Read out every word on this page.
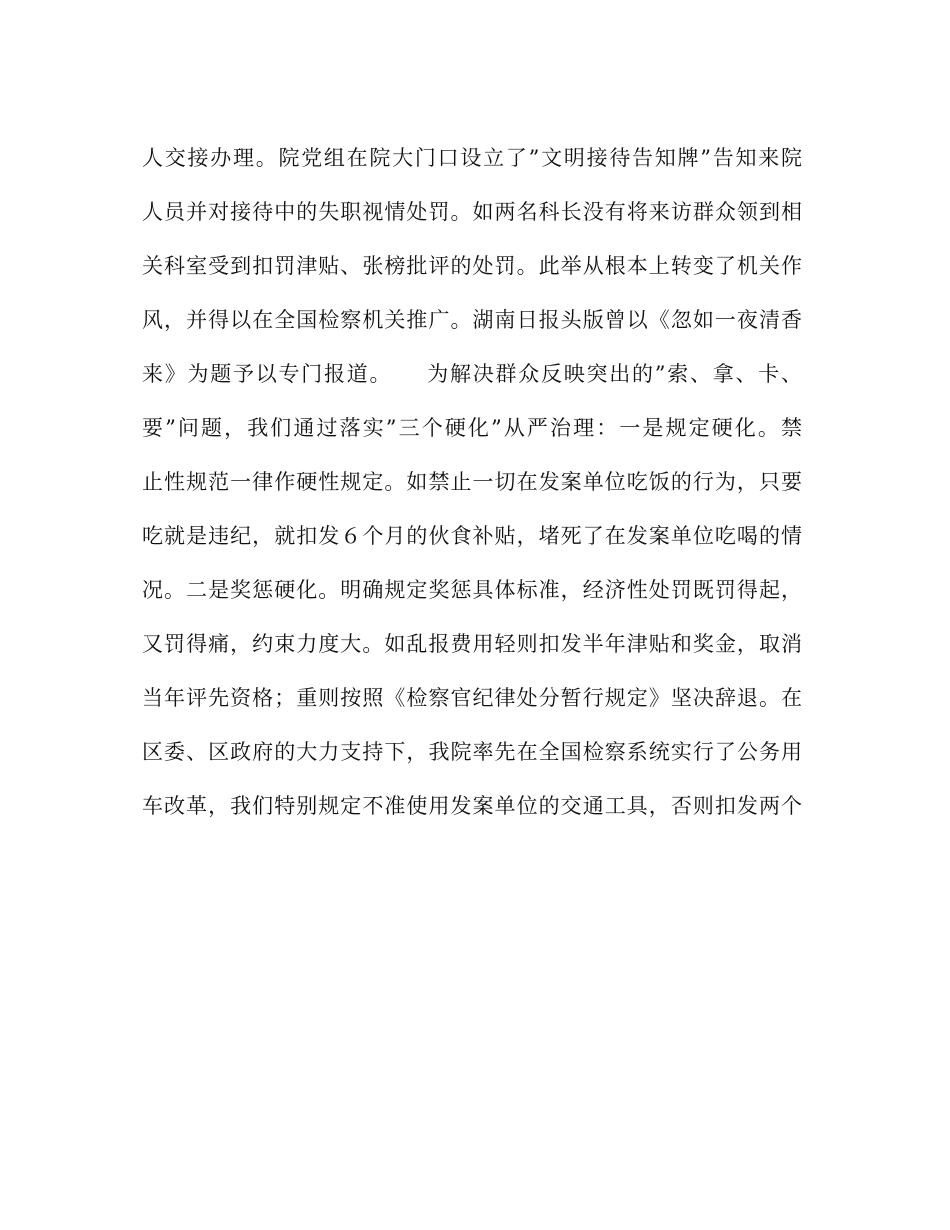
人交接办理。院党组在院大门口设立了”文明接待告知牌”告知来院
人员并对接待中的失职视情处罚。如两名科长没有将来访群众领到相
关科室受到扣罚津贴、张榜批评的处罚。此举从根本上转变了机关作
风，并得以在全国检察机关推广。湖南日报头版曾以《忽如一夜清香
来》为题予以专门报道。　　为解决群众反映突出的”索、拿、卡、
要”问题，我们通过落实”三个硬化”从严治理：一是规定硬化。禁
止性规范一律作硬性规定。如禁止一切在发案单位吃饭的行为，只要
吃就是违纪，就扣发６个月的伙食补贴，堵死了在发案单位吃喝的情
况。二是奖惩硬化。明确规定奖惩具体标准，经济性处罚既罚得起，
又罚得痛，约束力度大。如乱报费用轻则扣发半年津贴和奖金，取消
当年评先资格；重则按照《检察官纪律处分暂行规定》坚决辞退。在
区委、区政府的大力支持下，我院率先在全国检察系统实行了公务用
车改革，我们特别规定不准使用发案单位的交通工具，否则扣发两个
